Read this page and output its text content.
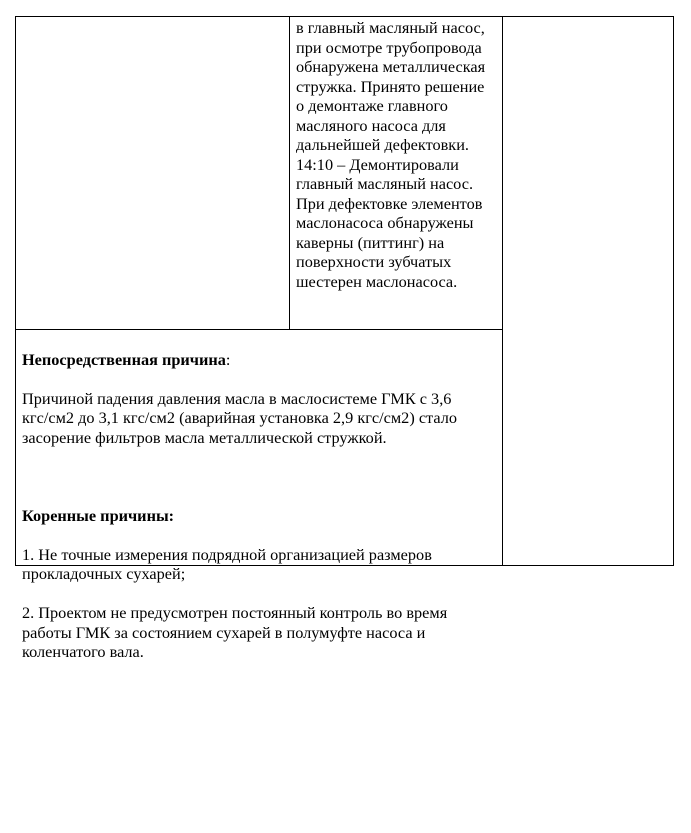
в главный масляный насос,
при осмотре трубопровода
обнаружена металлическая
стружка. Принято решение
о демонтаже главного
масляного насоса для
дальнейшей дефектовки.
14:10 – Демонтировали
главный масляный насос.
При дефектовке элементов
маслонасоса обнаружены
каверны (питтинг) на
поверхности зубчатых
шестерен маслонасоса.

Непосредственная причина:

Причиной падения давления масла в маслосистеме ГМК с 3,6
кгс/см2 до 3,1 кгс/см2 (аварийная установка 2,9 кгс/см2) стало
засорение фильтров масла металлической стружкой.

Коренные причины:

1. Не точные измерения подрядной организацией размеров
прокладочных сухарей;

2. Проектом не предусмотрен постоянный контроль во время
работы ГМК за состоянием сухарей в полумуфте насоса и
коленчатого вала.
